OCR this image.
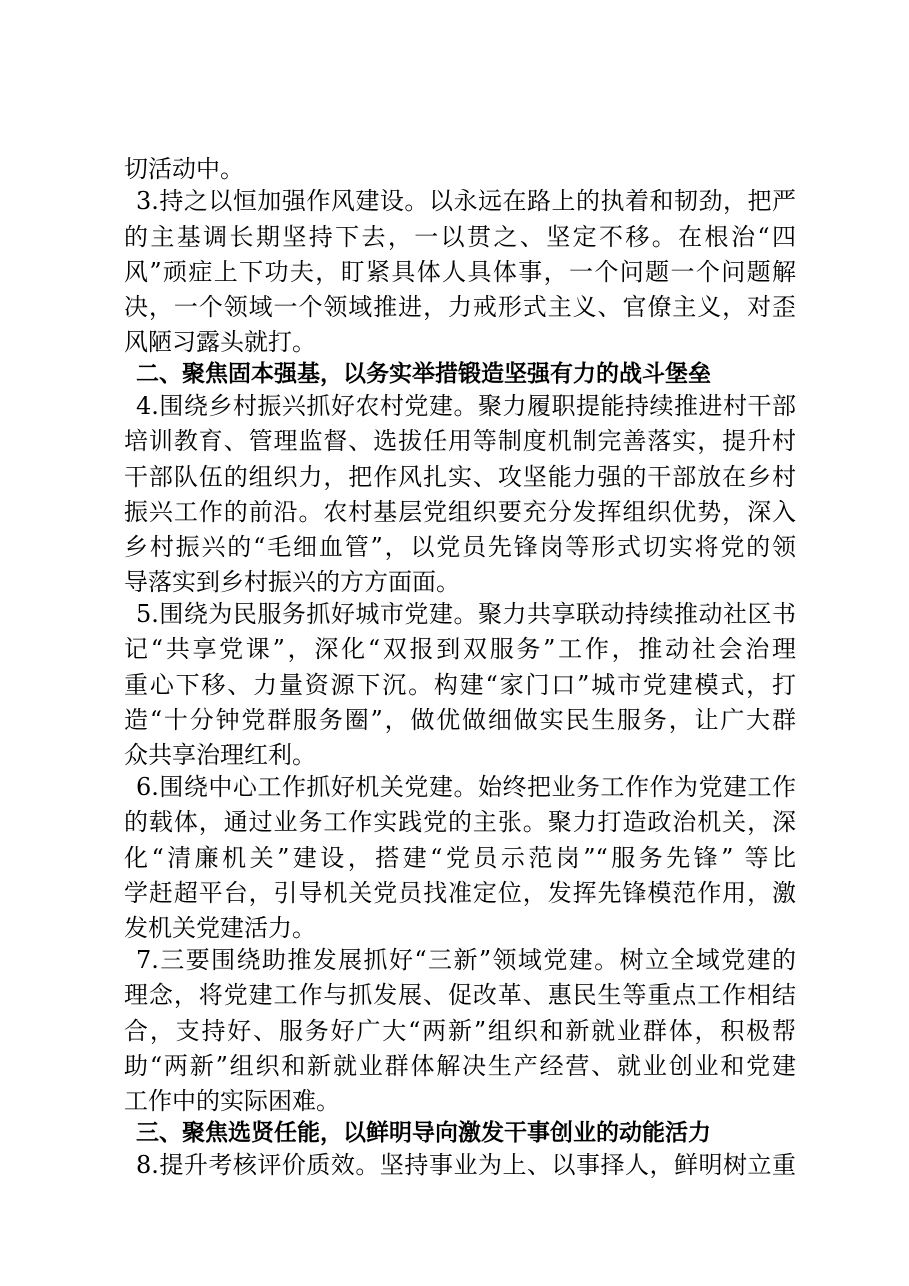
切活动中。
3.持之以恒加强作风建设。以永远在路上的执着和韧劲，把严
的主基调长期坚持下去，一以贯之、坚定不移。在根治“四
风”顽症上下功夫，盯紧具体人具体事，一个问题一个问题解
决，一个领域一个领域推进，力戒形式主义、官僚主义，对歪
风陋习露头就打。
二、聚焦固本强基，以务实举措锻造坚强有力的战斗堡垒
4.围绕乡村振兴抓好农村党建。聚力履职提能持续推进村干部
培训教育、管理监督、选拔任用等制度机制完善落实，提升村
干部队伍的组织力，把作风扎实、攻坚能力强的干部放在乡村
振兴工作的前沿。农村基层党组织要充分发挥组织优势，深入
乡村振兴的“毛细血管”，以党员先锋岗等形式切实将党的领
导落实到乡村振兴的方方面面。
5.围绕为民服务抓好城市党建。聚力共享联动持续推动社区书
记“共享党课”，深化“双报到双服务”工作，推动社会治理
重心下移、力量资源下沉。构建“家门口”城市党建模式，打
造“十分钟党群服务圈”，做优做细做实民生服务，让广大群
众共享治理红利。
6.围绕中心工作抓好机关党建。始终把业务工作作为党建工作
的载体，通过业务工作实践党的主张。聚力打造政治机关，深
化“清廉机关”建设，搭建“党员示范岗”“服务先锋” 等比
学赶超平台，引导机关党员找准定位，发挥先锋模范作用，激
发机关党建活力。
7.三要围绕助推发展抓好“三新”领域党建。树立全域党建的
理念，将党建工作与抓发展、促改革、惠民生等重点工作相结
合，支持好、服务好广大“两新”组织和新就业群体，积极帮
助“两新”组织和新就业群体解决生产经营、就业创业和党建
工作中的实际困难。
三、聚焦选贤任能，以鲜明导向激发干事创业的动能活力
8.提升考核评价质效。坚持事业为上、以事择人，鲜明树立重
